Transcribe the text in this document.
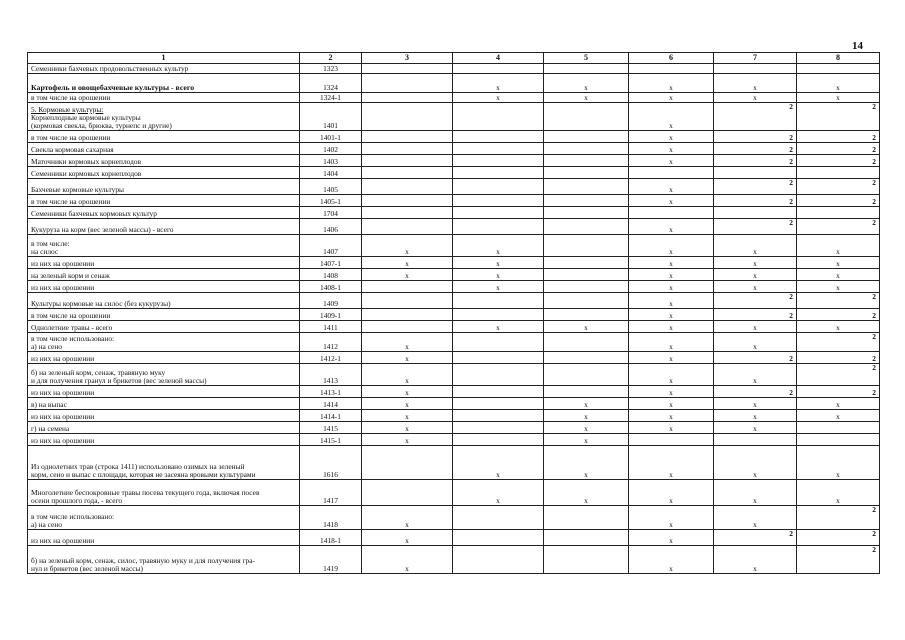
14
1	2	3	4	5	6	7	8
Семенники бахчевых продовольственных культур	1323						
Картофель и овощебахчевые культуры - всего	1324		x	x	x	x	x

в том числе на орошении	1324-1		x	x	x	x	x

5. Кормовые культуры:
Корнеплодные кормовые культуры
(кормовая свекла, брюква, турнепс и другие)	1401				x	2	2

в том числе на орошении	1401-1				x	2	2

Свекла кормовая сахарная	1402				x	2	2

Маточники кормовых корнеплодов	1403				x	2	2

Семенники кормовых корнеплодов	1404						
Бахчевые кормовые культуры	1405				x	2	2

в том числе на орошении	1405-1				x	2	2

Семенники бахчевых кормовых культур	1704						
Кукуруза на корм (вес зеленой массы) - всего	1406				x	2	2

в том числе:
на силос	1407	x	x		x	x	x

из них на орошении	1407-1	x	x		x	x	x

на зеленый корм и сенаж	1408	x	x		x	x	x

из них на орошении	1408-1		x		x	x	x

Культуры кормовые на силос (без кукурузы)	1409				x	2	2

в том числе на орошении	1409-1				x	2	2

Однолетние травы - всего	1411		x	x	x	x	x

в том числе использовано:
а) на сено	1412	x			x	x	2

из них на орошении	1412-1	x			x	2	2

б) на зеленый корм, сенаж, травяную муку
и для получения гранул и брикетов (вес зеленой массы)	1413	x			x	x	2

из них на орошении	1413-1	x			x	2	2

в) на выпас	1414	x		x	x	x	x

из них на орошении	1414-1	x		x	x	x	x

г) на семена	1415	x		x	x	x	

из них на орошении	1415-1	x		x			

Из однолетних трав (строка 1411) использовано озимых на зеленый
корм, сено и выпас с площади, которая не засеяна яровыми культурами	1616		x	x	x	x	x

Многолетние беспокровные травы посева текущего года, включая посев
осени прошлого года, - всего	1417		x	x	x	x	x

в том числе использовано:
а) на сено	1418	x			x	x	2

из них на орошении	1418-1	x			x	2	2

б) на зеленый корм, сенаж, силос, травяную муку и для получения гра-
нул и брикетов (вес зеленой массы)	1419	x			x	x	2
